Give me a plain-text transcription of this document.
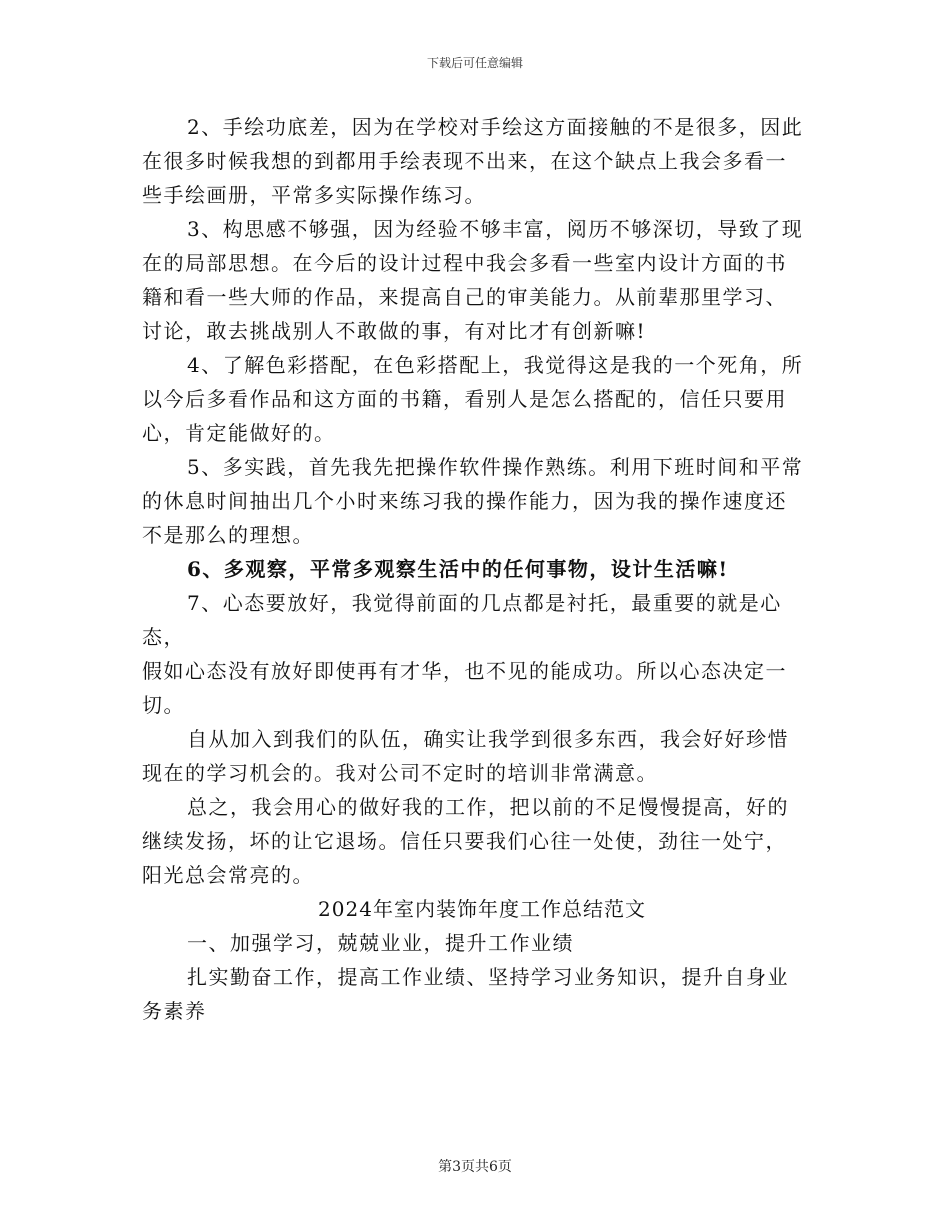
下载后可任意编辑

2、手绘功底差，因为在学校对手绘这方面接触的不是很多，因此
在很多时候我想的到都用手绘表现不出来，在这个缺点上我会多看一
些手绘画册，平常多实际操作练习。

3、构思感不够强，因为经验不够丰富，阅历不够深切，导致了现
在的局部思想。在今后的设计过程中我会多看一些室内设计方面的书
籍和看一些大师的作品，来提高自己的审美能力。从前辈那里学习、
讨论，敢去挑战别人不敢做的事，有对比才有创新嘛!

4、了解色彩搭配，在色彩搭配上，我觉得这是我的一个死角，所
以今后多看作品和这方面的书籍，看别人是怎么搭配的，信任只要用
心，肯定能做好的。

5、多实践，首先我先把操作软件操作熟练。利用下班时间和平常
的休息时间抽出几个小时来练习我的操作能力，因为我的操作速度还
不是那么的理想。

6、多观察，平常多观察生活中的任何事物，设计生活嘛!

7、心态要放好，我觉得前面的几点都是衬托，最重要的就是心态，
假如心态没有放好即使再有才华，也不见的能成功。所以心态决定一
切。

自从加入到我们的队伍，确实让我学到很多东西，我会好好珍惜
现在的学习机会的。我对公司不定时的培训非常满意。

总之，我会用心的做好我的工作，把以前的不足慢慢提高，好的
继续发扬，坏的让它退场。信任只要我们心往一处使，劲往一处宁，
阳光总会常亮的。

2024年室内装饰年度工作总结范文

一、加强学习，兢兢业业，提升工作业绩

扎实勤奋工作，提高工作业绩、坚持学习业务知识，提升自身业
务素养

第3页共6页
